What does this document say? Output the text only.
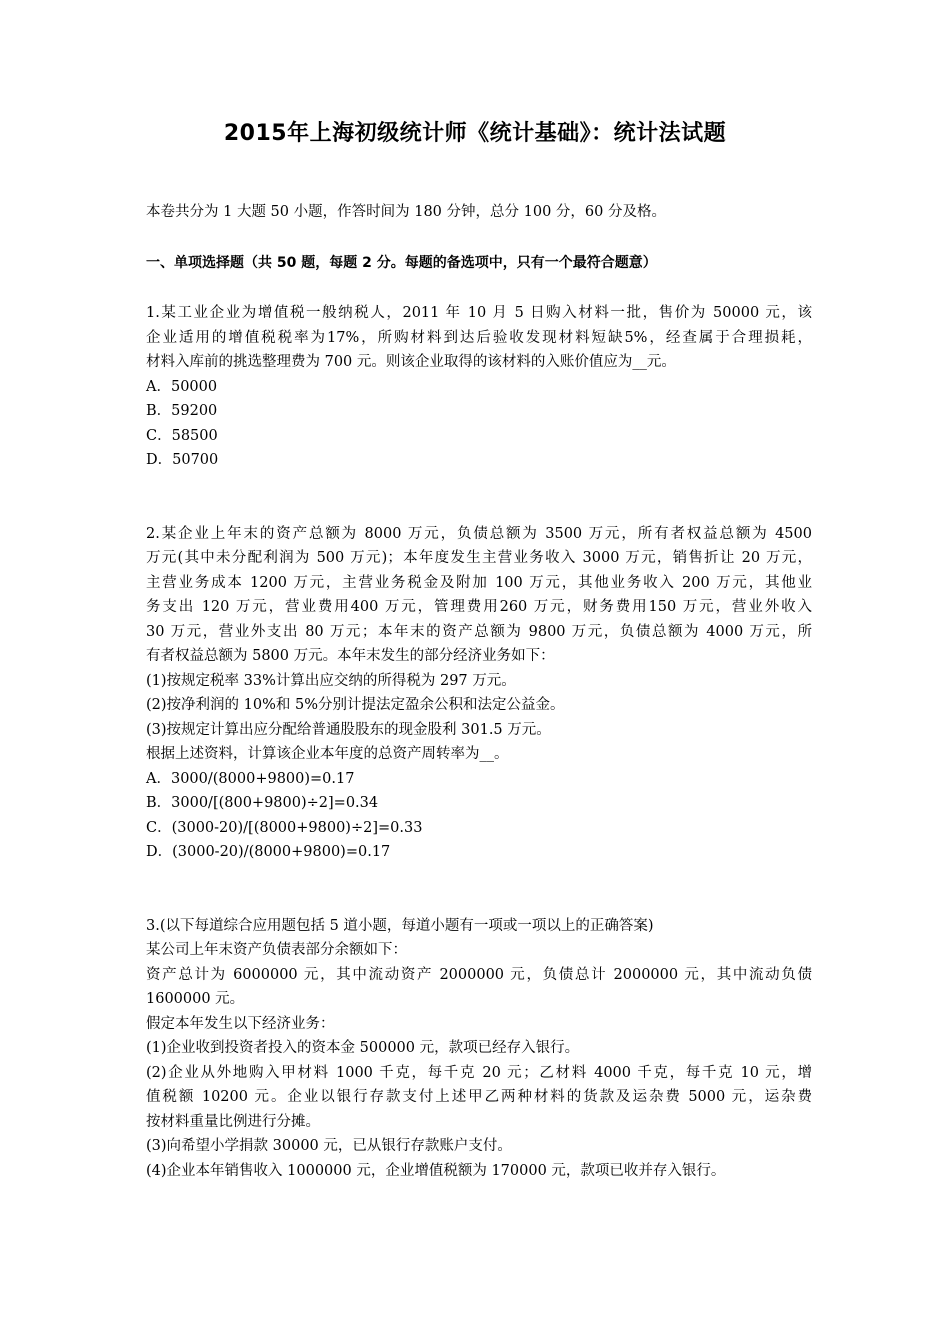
2015年上海初级统计师《统计基础》：统计法试题
本卷共分为 1 大题 50 小题，作答时间为 180 分钟，总分 100 分，60 分及格。
一、单项选择题（共 50 题，每题 2 分。每题的备选项中，只有一个最符合题意）
1.某工业企业为增值税一般纳税人，2011 年 10 月 5 日购入材料一批，售价为 50000 元，该
企业适用的增值税税率为17%，所购材料到达后验收发现材料短缺5%，经查属于合理损耗，
材料入库前的挑选整理费为 700 元。则该企业取得的该材料的入账价值应为__元。
A．50000
B．59200
C．58500
D．50700
2.某企业上年末的资产总额为 8000 万元，负债总额为 3500 万元，所有者权益总额为 4500
万元(其中未分配利润为 500 万元)；本年度发生主营业务收入 3000 万元，销售折让 20 万元，
主营业务成本 1200 万元，主营业务税金及附加 100 万元，其他业务收入 200 万元，其他业
务支出 120 万元，营业费用400 万元，管理费用260 万元，财务费用150 万元，营业外收入
30 万元，营业外支出 80 万元；本年末的资产总额为 9800 万元，负债总额为 4000 万元，所
有者权益总额为 5800 万元。本年末发生的部分经济业务如下：
(1)按规定税率 33%计算出应交纳的所得税为 297 万元。
(2)按净利润的 10%和 5%分别计提法定盈余公积和法定公益金。
(3)按规定计算出应分配给普通股股东的现金股利 301.5 万元。
根据上述资料，计算该企业本年度的总资产周转率为__。
A．3000/(8000+9800)=0.17
B．3000/[(800+9800)÷2]=0.34
C．(3000-20)/[(8000+9800)÷2]=0.33
D．(3000-20)/(8000+9800)=0.17
3.(以下每道综合应用题包括 5 道小题，每道小题有一项或一项以上的正确答案)
某公司上年末资产负债表部分余额如下：
资产总计为 6000000 元，其中流动资产 2000000 元，负债总计 2000000 元，其中流动负债
1600000 元。
假定本年发生以下经济业务：
(1)企业收到投资者投入的资本金 500000 元，款项已经存入银行。
(2)企业从外地购入甲材料 1000 千克，每千克 20 元；乙材料 4000 千克，每千克 10 元，增
值税额 10200 元。企业以银行存款支付上述甲乙两种材料的货款及运杂费 5000 元，运杂费
按材料重量比例进行分摊。
(3)向希望小学捐款 30000 元，已从银行存款账户支付。
(4)企业本年销售收入 1000000 元，企业增值税额为 170000 元，款项已收并存入银行。
